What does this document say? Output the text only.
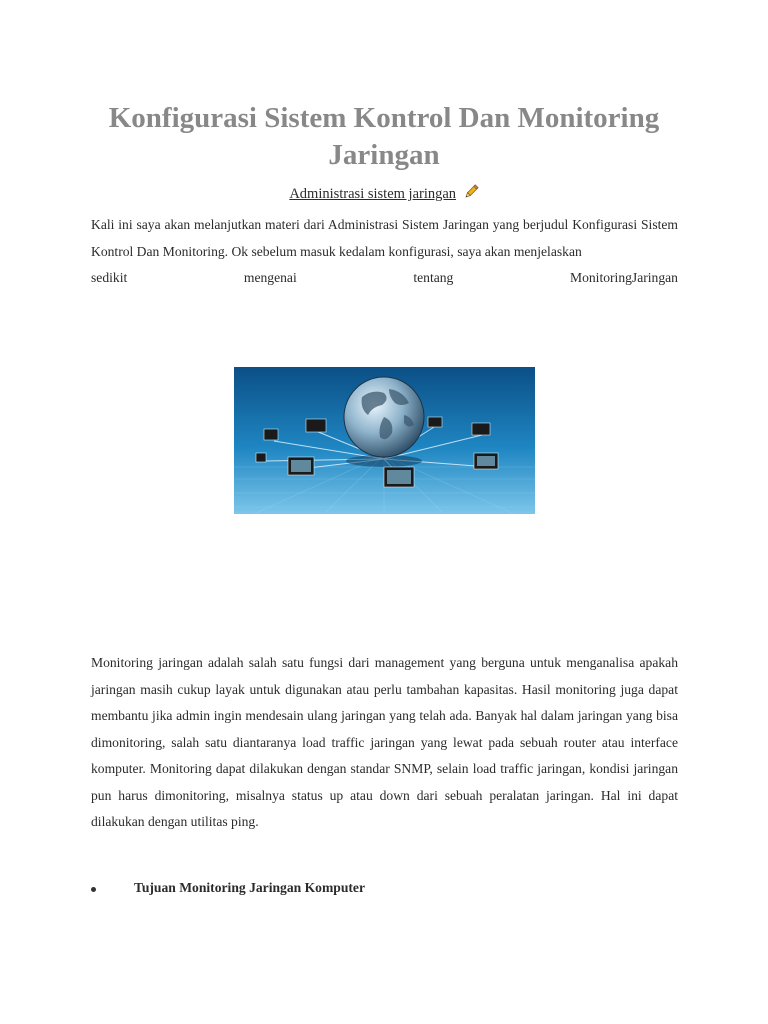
Konfigurasi Sistem Kontrol Dan Monitoring Jaringan
Administrasi sistem jaringan

Kali ini saya akan melanjutkan materi dari Administrasi Sistem Jaringan yang berjudul Konfigurasi Sistem Kontrol Dan Monitoring. Ok sebelum masuk kedalam konfigurasi, saya akan menjelaskan
sedikit	mengenai	tentang	MonitoringJaringan

Monitoring jaringan adalah salah satu fungsi dari management yang berguna untuk menganalisa apakah jaringan masih cukup layak untuk digunakan atau perlu tambahan kapasitas. Hasil monitoring juga dapat membantu jika admin ingin mendesain ulang jaringan yang telah ada. Banyak hal dalam jaringan yang bisa dimonitoring, salah satu diantaranya load traffic jaringan yang lewat pada sebuah router atau interface komputer. Monitoring dapat dilakukan dengan standar SNMP, selain load traffic jaringan, kondisi jaringan pun harus dimonitoring, misalnya status up atau down dari sebuah peralatan jaringan. Hal ini dapat dilakukan dengan utilitas ping.

Tujuan Monitoring Jaringan Komputer
